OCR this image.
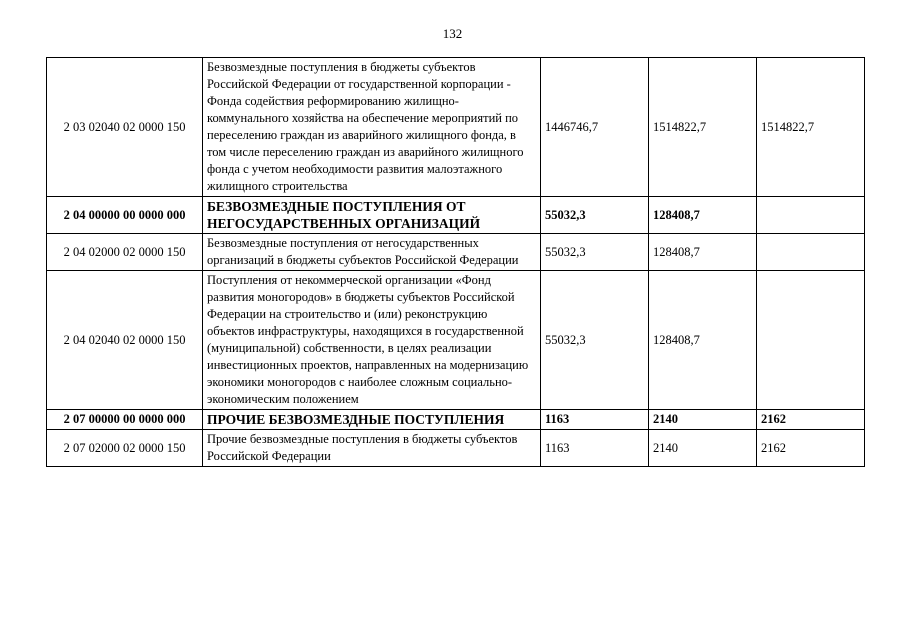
132
2 03 02040 02 0000 150	Безвозмездные поступления в бюджеты субъектов Российской Федерации от государственной корпорации - Фонда содействия реформированию жилищно-коммунального хозяйства на обеспечение мероприятий по переселению граждан из аварийного жилищного фонда, в том числе переселению граждан из аварийного жилищного фонда с учетом необходимости развития малоэтажного жилищного строительства	1446746,7	1514822,7	1514822,7
2 04 00000 00 0000 000	БЕЗВОЗМЕЗДНЫЕ ПОСТУПЛЕНИЯ ОТ НЕГОСУДАРСТВЕННЫХ ОРГАНИЗАЦИЙ	55032,3	128408,7	
2 04 02000 02 0000 150	Безвозмездные поступления от негосударственных организаций в бюджеты субъектов Российской Федерации	55032,3	128408,7	
2 04 02040 02 0000 150	Поступления от некоммерческой организации «Фонд развития моногородов» в бюджеты субъектов Российской Федерации на строительство и (или) реконструкцию объектов инфраструктуры, находящихся в государственной (муниципальной) собственности, в целях реализации инвестиционных проектов, направленных на модернизацию экономики моногородов с наиболее сложным социально-экономическим положением	55032,3	128408,7	
2 07 00000 00 0000 000	ПРОЧИЕ БЕЗВОЗМЕЗДНЫЕ ПОСТУПЛЕНИЯ	1163	2140	2162
2 07 02000 02 0000 150	Прочие безвозмездные поступления в бюджеты субъектов Российской Федерации	1163	2140	2162
